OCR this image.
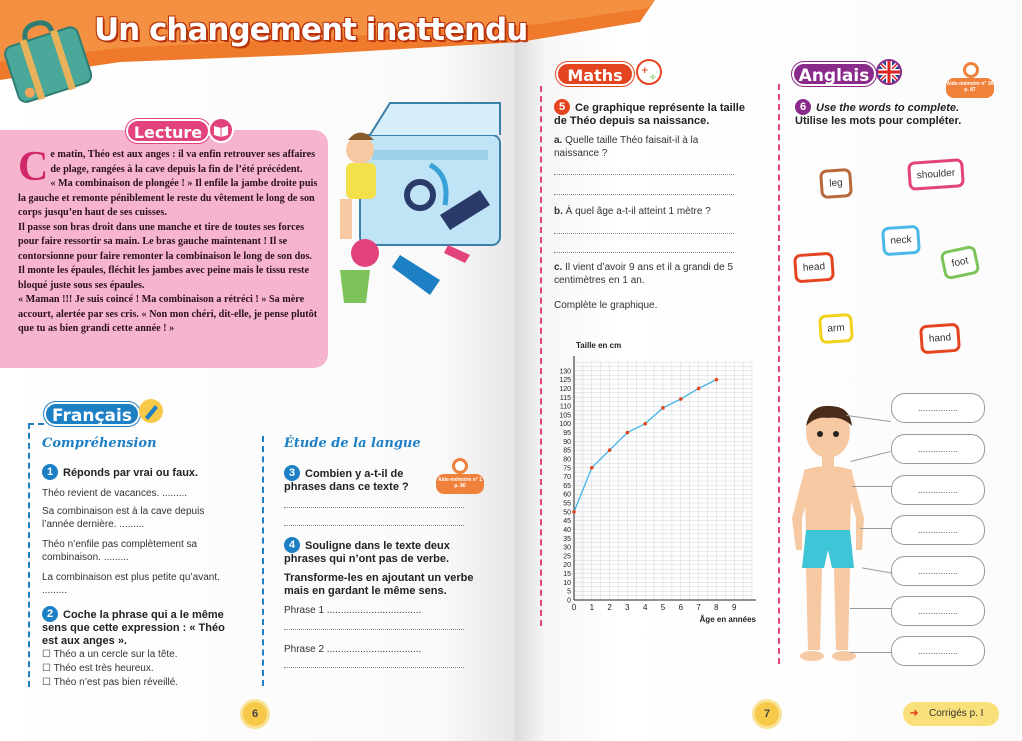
Un changement inattendu
Lecture
C e matin, Théo est aux anges : il va enfin retrouver ses affaires de plage, rangées à la cave depuis la fin de l’été précédent.
« Ma combinaison de plongée ! » Il enfile la jambe droite puis la gauche et remonte péniblement le reste du vêtement le long de son corps jusqu’en haut de ses cuisses.
Il passe son bras droit dans une manche et tire de toutes ses forces pour faire ressortir sa main. Le bras gauche maintenant ! Il se contorsionne pour faire remonter la combinaison le long de son dos. Il monte les épaules, fléchit les jambes avec peine mais le tissu reste bloqué juste sous ses épaules.
« Maman !!! Je suis coincé ! Ma combinaison a rétréci ! » Sa mère accourt, alertée par ses cris. « Non mon chéri, dit-elle, je pense plutôt que tu as bien grandi cette année ! »
Français
Compréhension
1 Réponds par vrai ou faux.
Théo revient de vacances. .........
Sa combinaison est à la cave depuis l’année dernière. .........
Théo n’enfile pas complètement sa combinaison. .........
La combinaison est plus petite qu’avant. .........
2 Coche la phrase qui a le même sens que cette expression : « Théo est aux anges ».
☐ Théo a un cercle sur la tête.
☐ Théo est très heureux.
☐ Théo n’est pas bien réveillé.
Étude de la langue
3 Combien y a-t-il de phrases dans ce texte ?
Aide-mémoire n° 1 p. 80
4 Souligne dans le texte deux phrases qui n’ont pas de verbe.
Transforme-les en ajoutant un verbe mais en gardant le même sens.
Phrase 1 ..................................
Phrase 2 ..................................
6
Maths	+
÷
5 Ce graphique représente la taille de Théo depuis sa naissance.
a. Quelle taille Théo faisait-il à la naissance ?
b. À quel âge a-t-il atteint 1 mètre ?
c. Il vient d’avoir 9 ans et il a grandi de 5 centimètres en 1 an.
Complète le graphique.
0
5
10
15
20
25
30
35
40
45
50
55
60
65
70
75
80
85
90
95
100
105
110
115
120
125
130
0 1 2 3 4 5 6 7 8 9
Taille en cm
Âge en années
7
Anglais	Aide-mémoire n° 36 p. 87
6 Use the words to complete.
Utilise les mots pour compléter.
leg
shoulder
neck
head	foot
arm
hand
................
................
................
................
................
................
................
➔ Corrigés p. I
